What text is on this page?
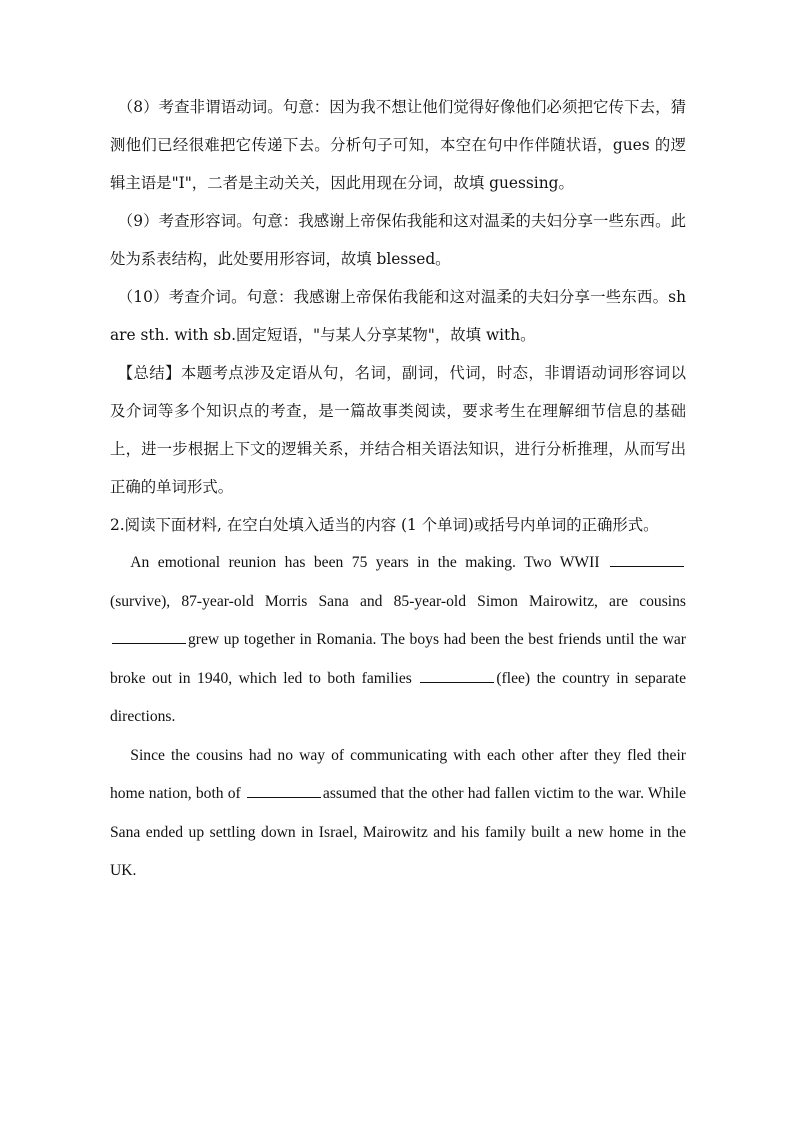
（8）考查非谓语动词。句意：因为我不想让他们觉得好像他们必须把它传下去，猜测他们已经很难把它传递下去。分析句子可知，本空在句中作伴随状语，gues 的逻辑主语是"I"，二者是主动关关，因此用现在分词，故填 guessing。

（9）考查形容词。句意：我感谢上帝保佑我能和这对温柔的夫妇分享一些东西。此处为系表结构，此处要用形容词，故填 blessed。

（10）考查介词。句意：我感谢上帝保佑我能和这对温柔的夫妇分享一些东西。share sth. with sb.固定短语，"与某人分享某物"，故填 with。

【总结】本题考点涉及定语从句，名词，副词，代词，时态，非谓语动词形容词以及介词等多个知识点的考查，是一篇故事类阅读，要求考生在理解细节信息的基础上，进一步根据上下文的逻辑关系，并结合相关语法知识，进行分析推理，从而写出正确的单词形式。

2.阅读下面材料, 在空白处填入适当的内容 (1 个单词)或括号内单词的正确形式。

An emotional reunion has been 75 years in the making. Two WWII  (survive), 87-year-old Morris Sana and 85-year-old Simon Mairowitz, are cousins grew up together in Romania. The boys had been the best friends until the war broke out in 1940, which led to both families	(flee) the country in separate directions.

Since the cousins had no way of communicating with each other after they fled their home nation, both of	assumed that the other had fallen victim to the war. While Sana ended up settling down in Israel, Mairowitz and his family built a new home in the UK.
